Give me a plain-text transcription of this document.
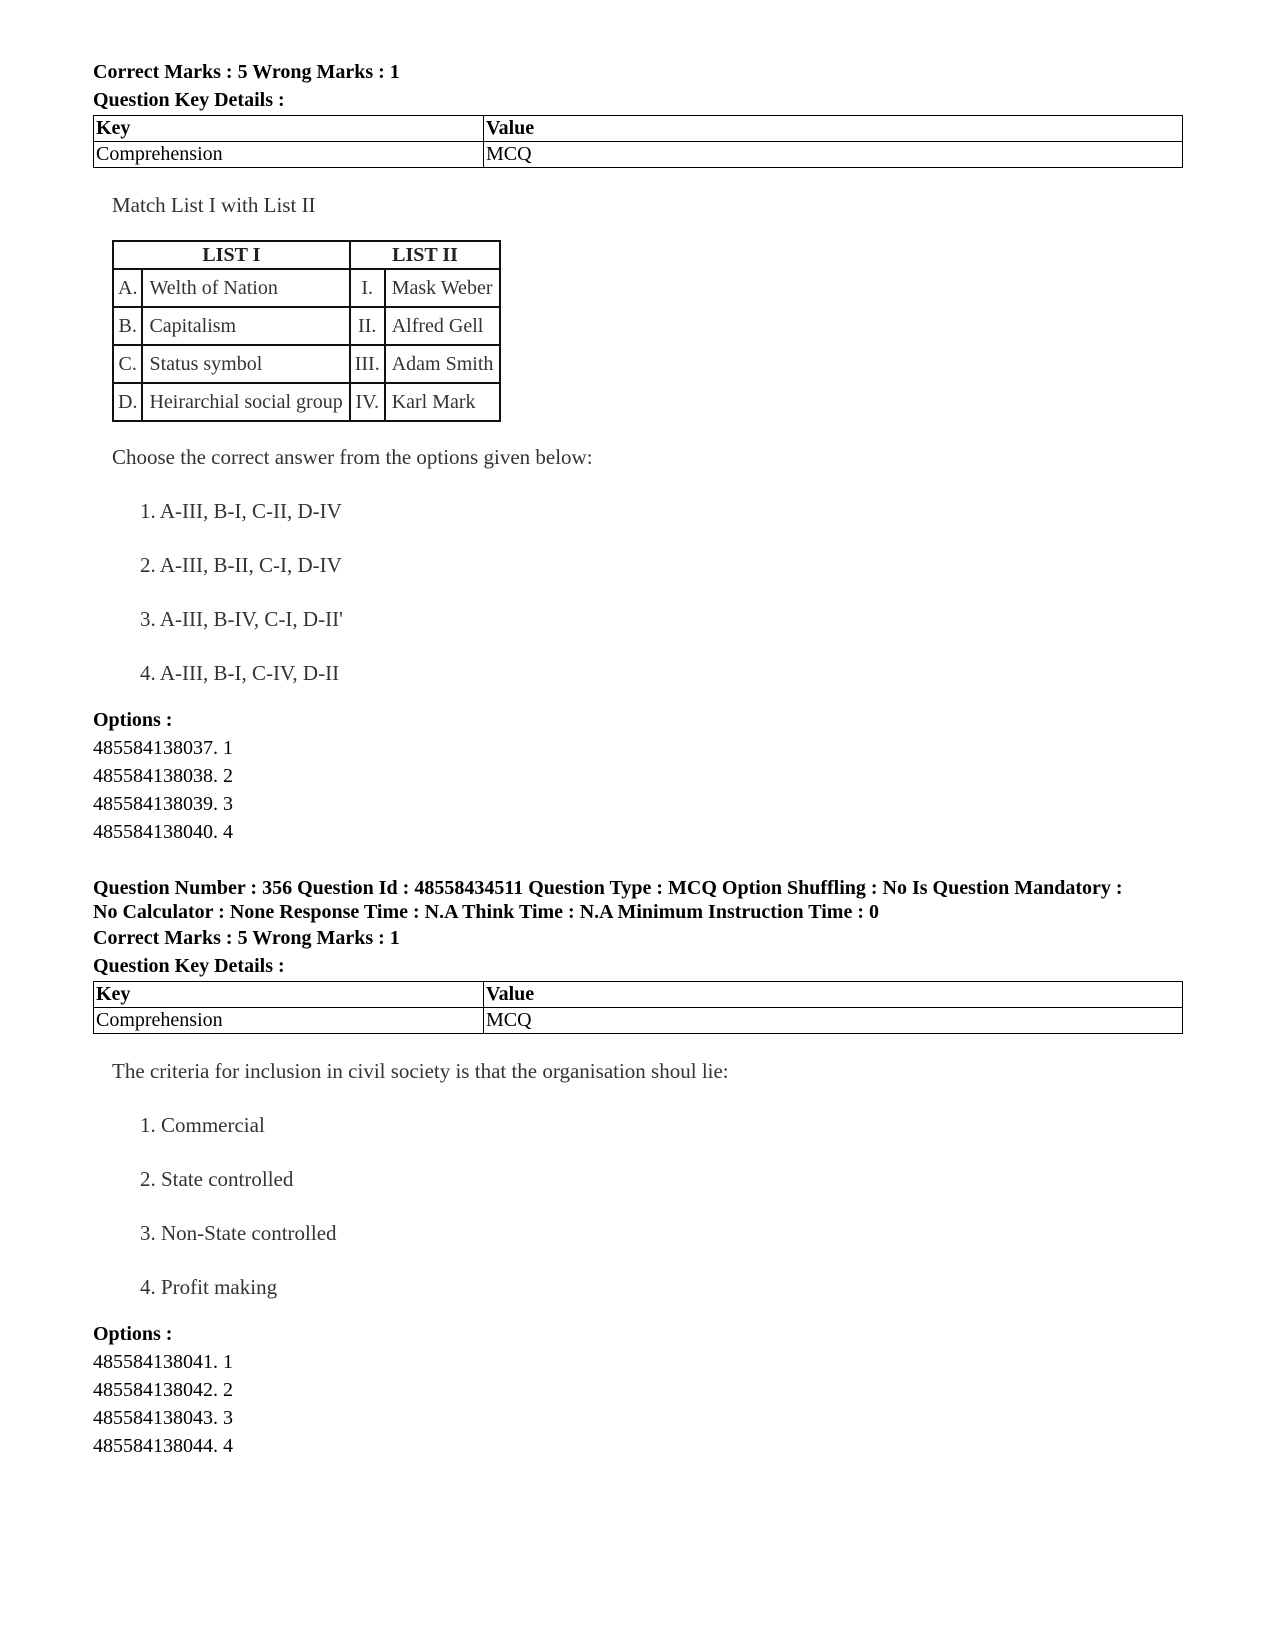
Correct Marks : 5 Wrong Marks : 1
Question Key Details :
Key	Value
Comprehension	MCQ
Match List I with List II
LIST I		LIST II	
A.	Welth of Nation	I.	Mask Weber
B.	Capitalism	II.	Alfred Gell
C.	Status symbol	III.	Adam Smith
D.	Heirarchial social group	IV.	Karl Mark
Choose the correct answer from the options given below:
1. A-III, B-I, C-II, D-IV
2. A-III, B-II, C-I, D-IV
3. A-III, B-IV, C-I, D-II'
4. A-III, B-I, C-IV, D-II
Options :
485584138037. 1
485584138038. 2
485584138039. 3
485584138040. 4
Question Number : 356 Question Id : 48558434511 Question Type : MCQ Option Shuffling : No Is Question Mandatory :
No Calculator : None Response Time : N.A Think Time : N.A Minimum Instruction Time : 0
Correct Marks : 5 Wrong Marks : 1
Question Key Details :
Key	Value
Comprehension	MCQ
The criteria for inclusion in civil society is that the organisation shoul lie:
1. Commercial
2. State controlled
3. Non-State controlled
4. Profit making
Options :
485584138041. 1
485584138042. 2
485584138043. 3
485584138044. 4
